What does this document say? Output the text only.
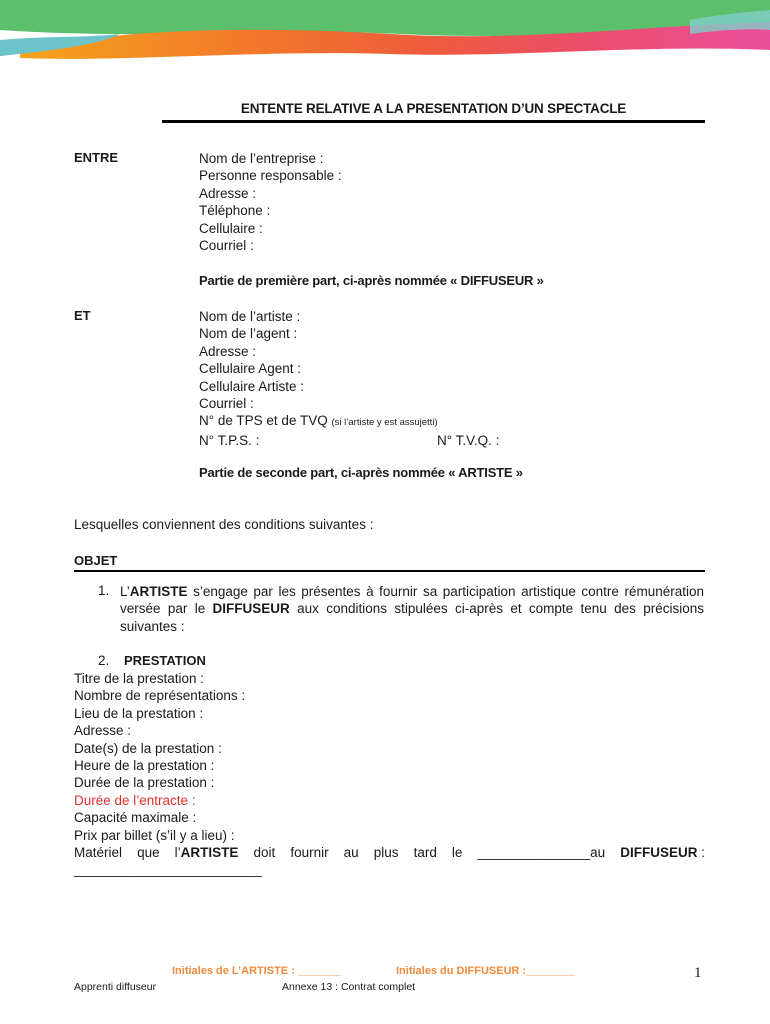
ENTENTE RELATIVE A LA PRESENTATION D’UN SPECTACLE
ENTRE	Nom de l’entreprise :
Personne responsable :
Adresse :
Téléphone :
Cellulaire :
Courriel :
Partie de première part, ci-après nommée « DIFFUSEUR »
ET	Nom de l’artiste :
Nom de l’agent :
Adresse :
Cellulaire Agent :
Cellulaire Artiste :
Courriel :
N° de TPS et de TVQ (si l’artiste y est assujetti)
N° T.P.S. :	N° T.V.Q. :
Partie de seconde part, ci-après nommée « ARTISTE »
Lesquelles conviennent des conditions suivantes :
OBJET
1. L’ARTISTE s’engage par les présentes à fournir sa participation artistique contre rémunération versée par le DIFFUSEUR aux conditions stipulées ci-après et compte tenu des précisions suivantes :
2. PRESTATION
Titre de la prestation :
Nombre de représentations :
Lieu de la prestation :
Adresse :
Date(s) de la prestation :
Heure de la prestation :
Durée de la prestation :
Durée de l’entracte :
Capacité maximale :
Prix par billet (s’il y a lieu) :
Matériel que l’ARTISTE doit fournir au plus tard le _______________au DIFFUSEUR :
_________________________
Initiales de L’ARTISTE : _______	Initiales du DIFFUSEUR :________	1
Apprenti diffuseur	Annexe 13 : Contrat complet
